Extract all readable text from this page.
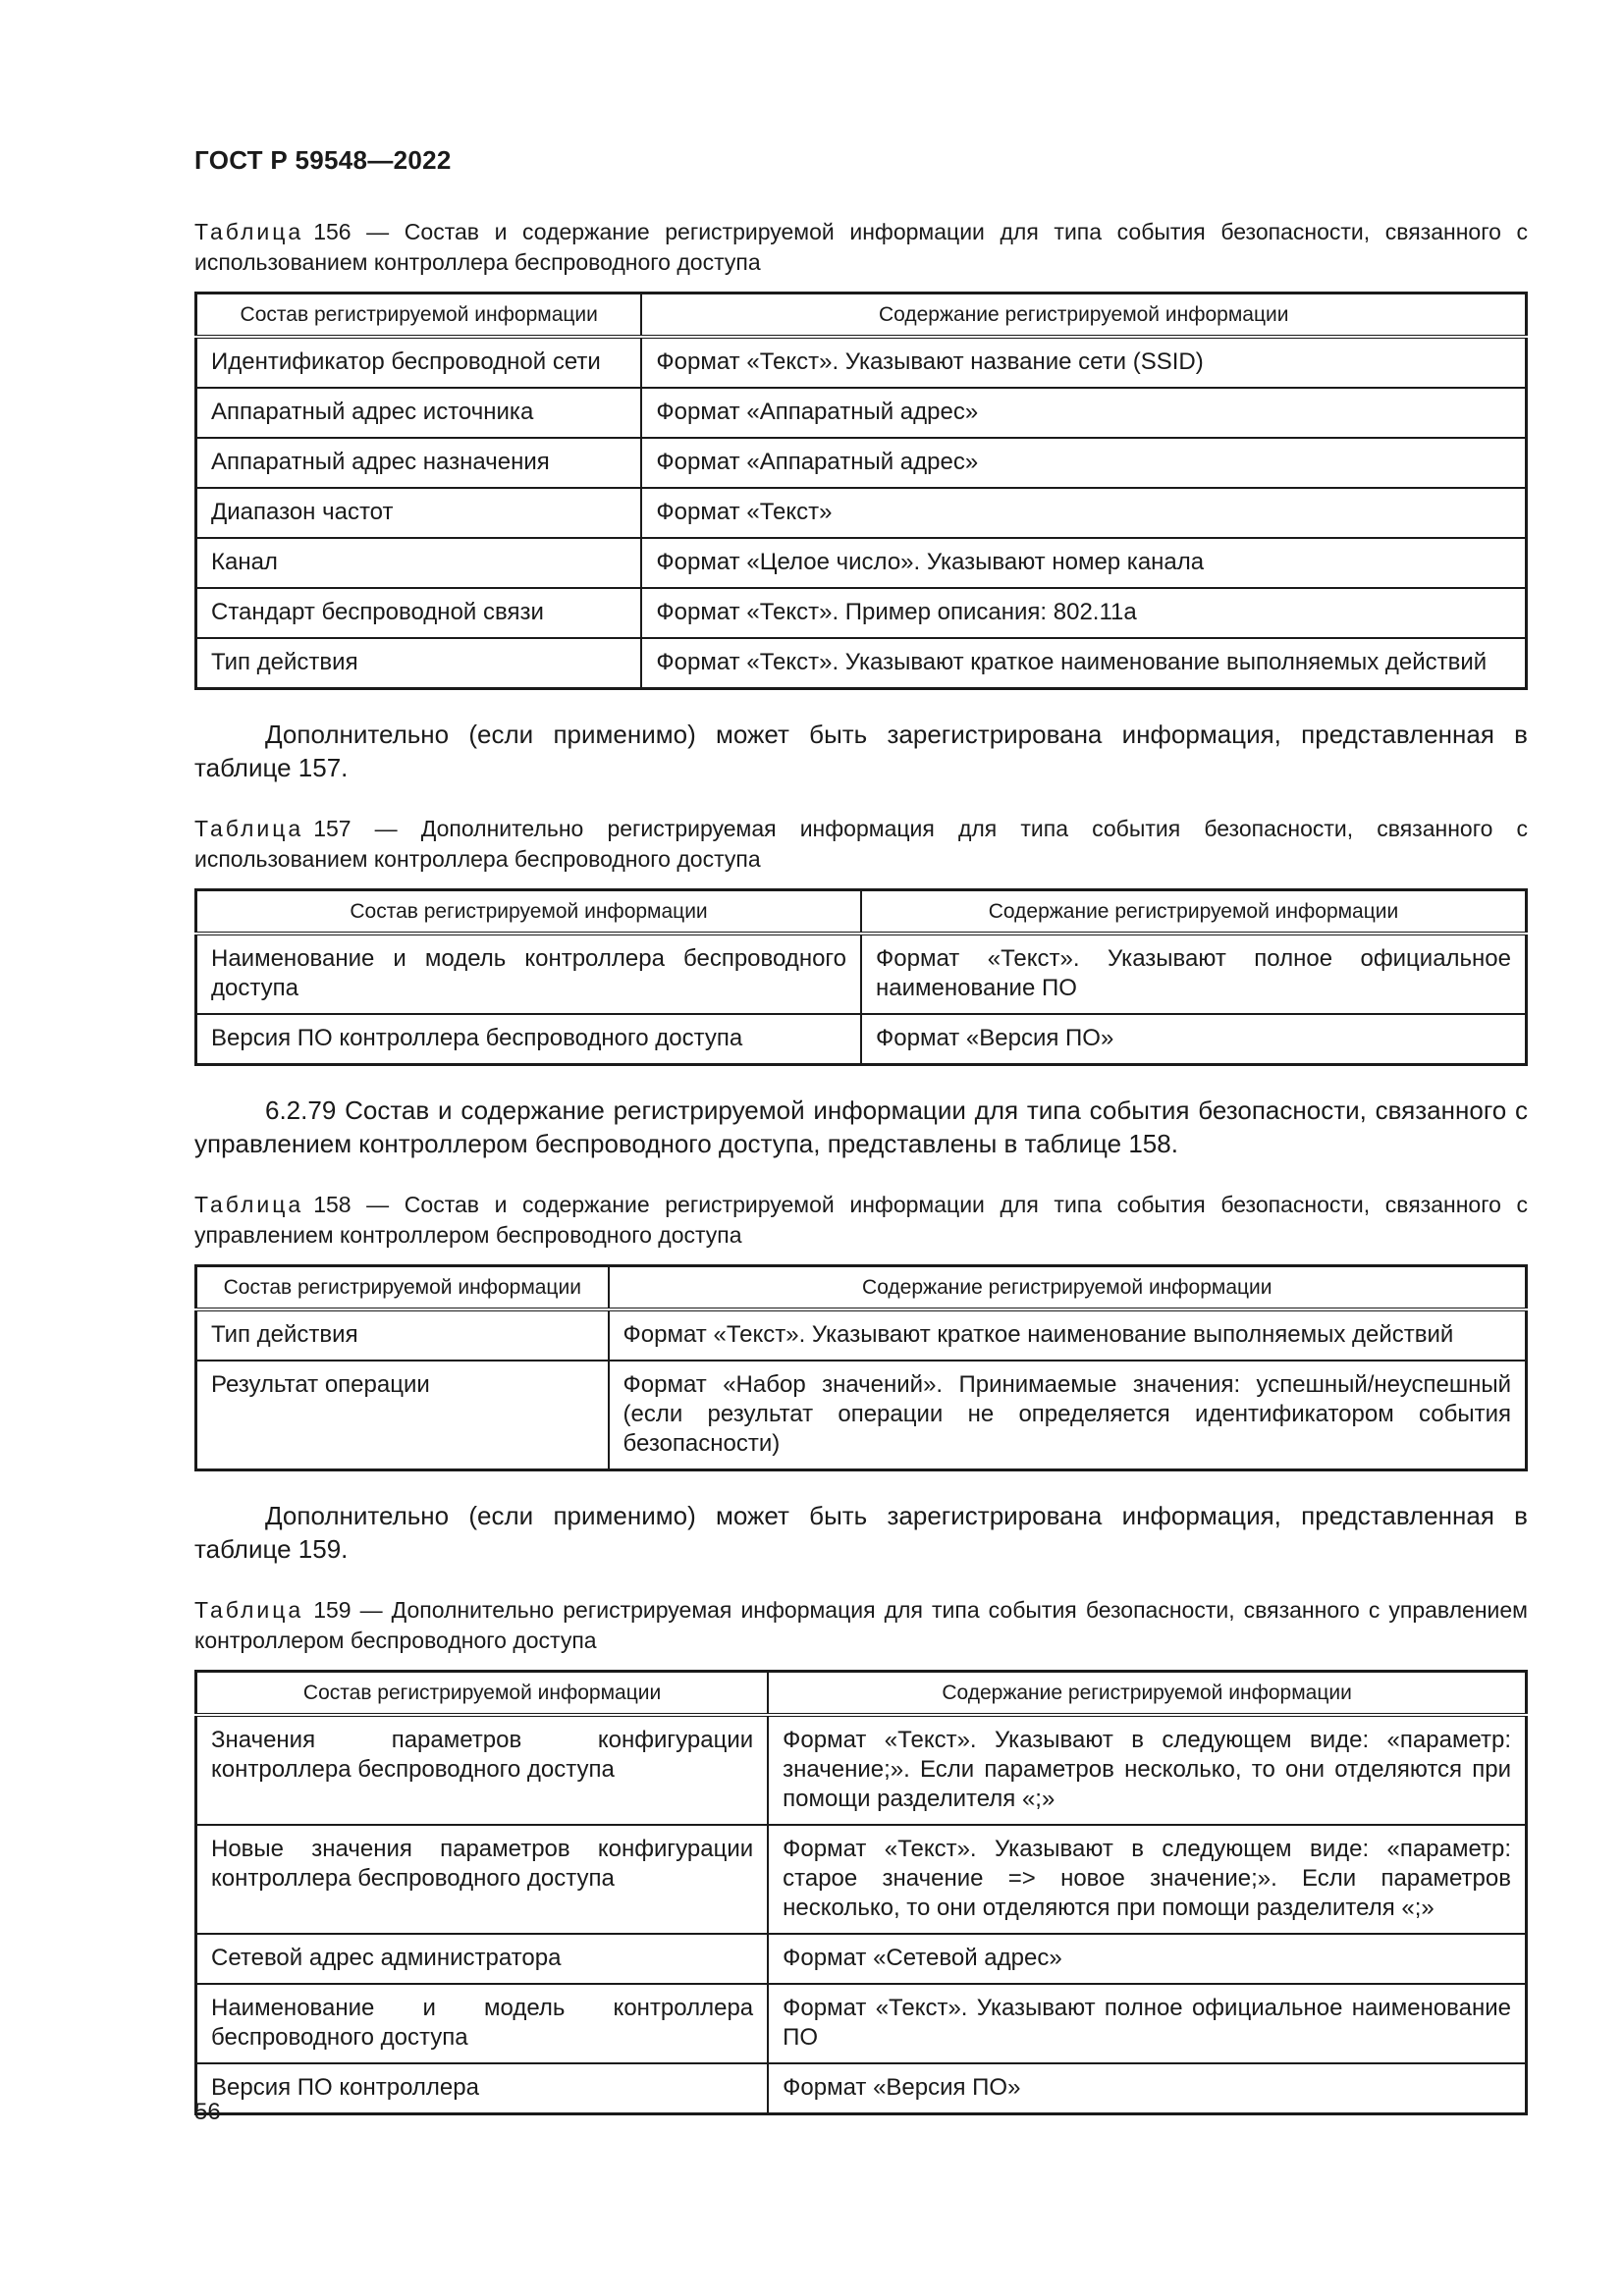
ГОСТ Р 59548—2022
Таблица 156 — Состав и содержание регистрируемой информации для типа события безопасности, связанного с использованием контроллера беспроводного доступа
Состав регистрируемой информации	Содержание регистрируемой информации
Идентификатор беспроводной сети	Формат «Текст». Указывают название сети (SSID)
Аппаратный адрес источника	Формат «Аппаратный адрес»
Аппаратный адрес назначения	Формат «Аппаратный адрес»
Диапазон частот	Формат «Текст»
Канал	Формат «Целое число». Указывают номер канала
Стандарт беспроводной связи	Формат «Текст». Пример описания: 802.11a
Тип действия	Формат «Текст». Указывают краткое наименование выполняемых действий
Дополнительно (если применимо) может быть зарегистрирована информация, представленная в таблице 157.
Таблица 157 — Дополнительно регистрируемая информация для типа события безопасности, связанного с использованием контроллера беспроводного доступа
Состав регистрируемой информации	Содержание регистрируемой информации
Наименование и модель контроллера беспроводного доступа	Формат «Текст». Указывают полное официальное наименование ПО
Версия ПО контроллера беспроводного доступа	Формат «Версия ПО»
6.2.79 Состав и содержание регистрируемой информации для типа события безопасности, связанного с управлением контроллером беспроводного доступа, представлены в таблице 158.
Таблица 158 — Состав и содержание регистрируемой информации для типа события безопасности, связанного с управлением контроллером беспроводного доступа
Состав регистрируемой информации	Содержание регистрируемой информации
Тип действия	Формат «Текст». Указывают краткое наименование выполняемых действий
Результат операции	Формат «Набор значений». Принимаемые значения: успешный/неуспешный (если результат операции не определяется идентификатором события безопасности)
Дополнительно (если применимо) может быть зарегистрирована информация, представленная в таблице 159.
Таблица 159 — Дополнительно регистрируемая информация для типа события безопасности, связанного с управлением контроллером беспроводного доступа
Состав регистрируемой информации	Содержание регистрируемой информации
Значения параметров конфигурации контроллера беспроводного доступа	Формат «Текст». Указывают в следующем виде: «параметр: значение;». Если параметров несколько, то они отделяются при помощи разделителя «;»
Новые значения параметров конфигурации контроллера беспроводного доступа	Формат «Текст». Указывают в следующем виде: «параметр: старое значение => новое значение;». Если параметров несколько, то они отделяются при помощи разделителя «;»
Сетевой адрес администратора	Формат «Сетевой адрес»
Наименование и модель контроллера беспроводного доступа	Формат «Текст». Указывают полное официальное наименование ПО
Версия ПО контроллера	Формат «Версия ПО»
56
